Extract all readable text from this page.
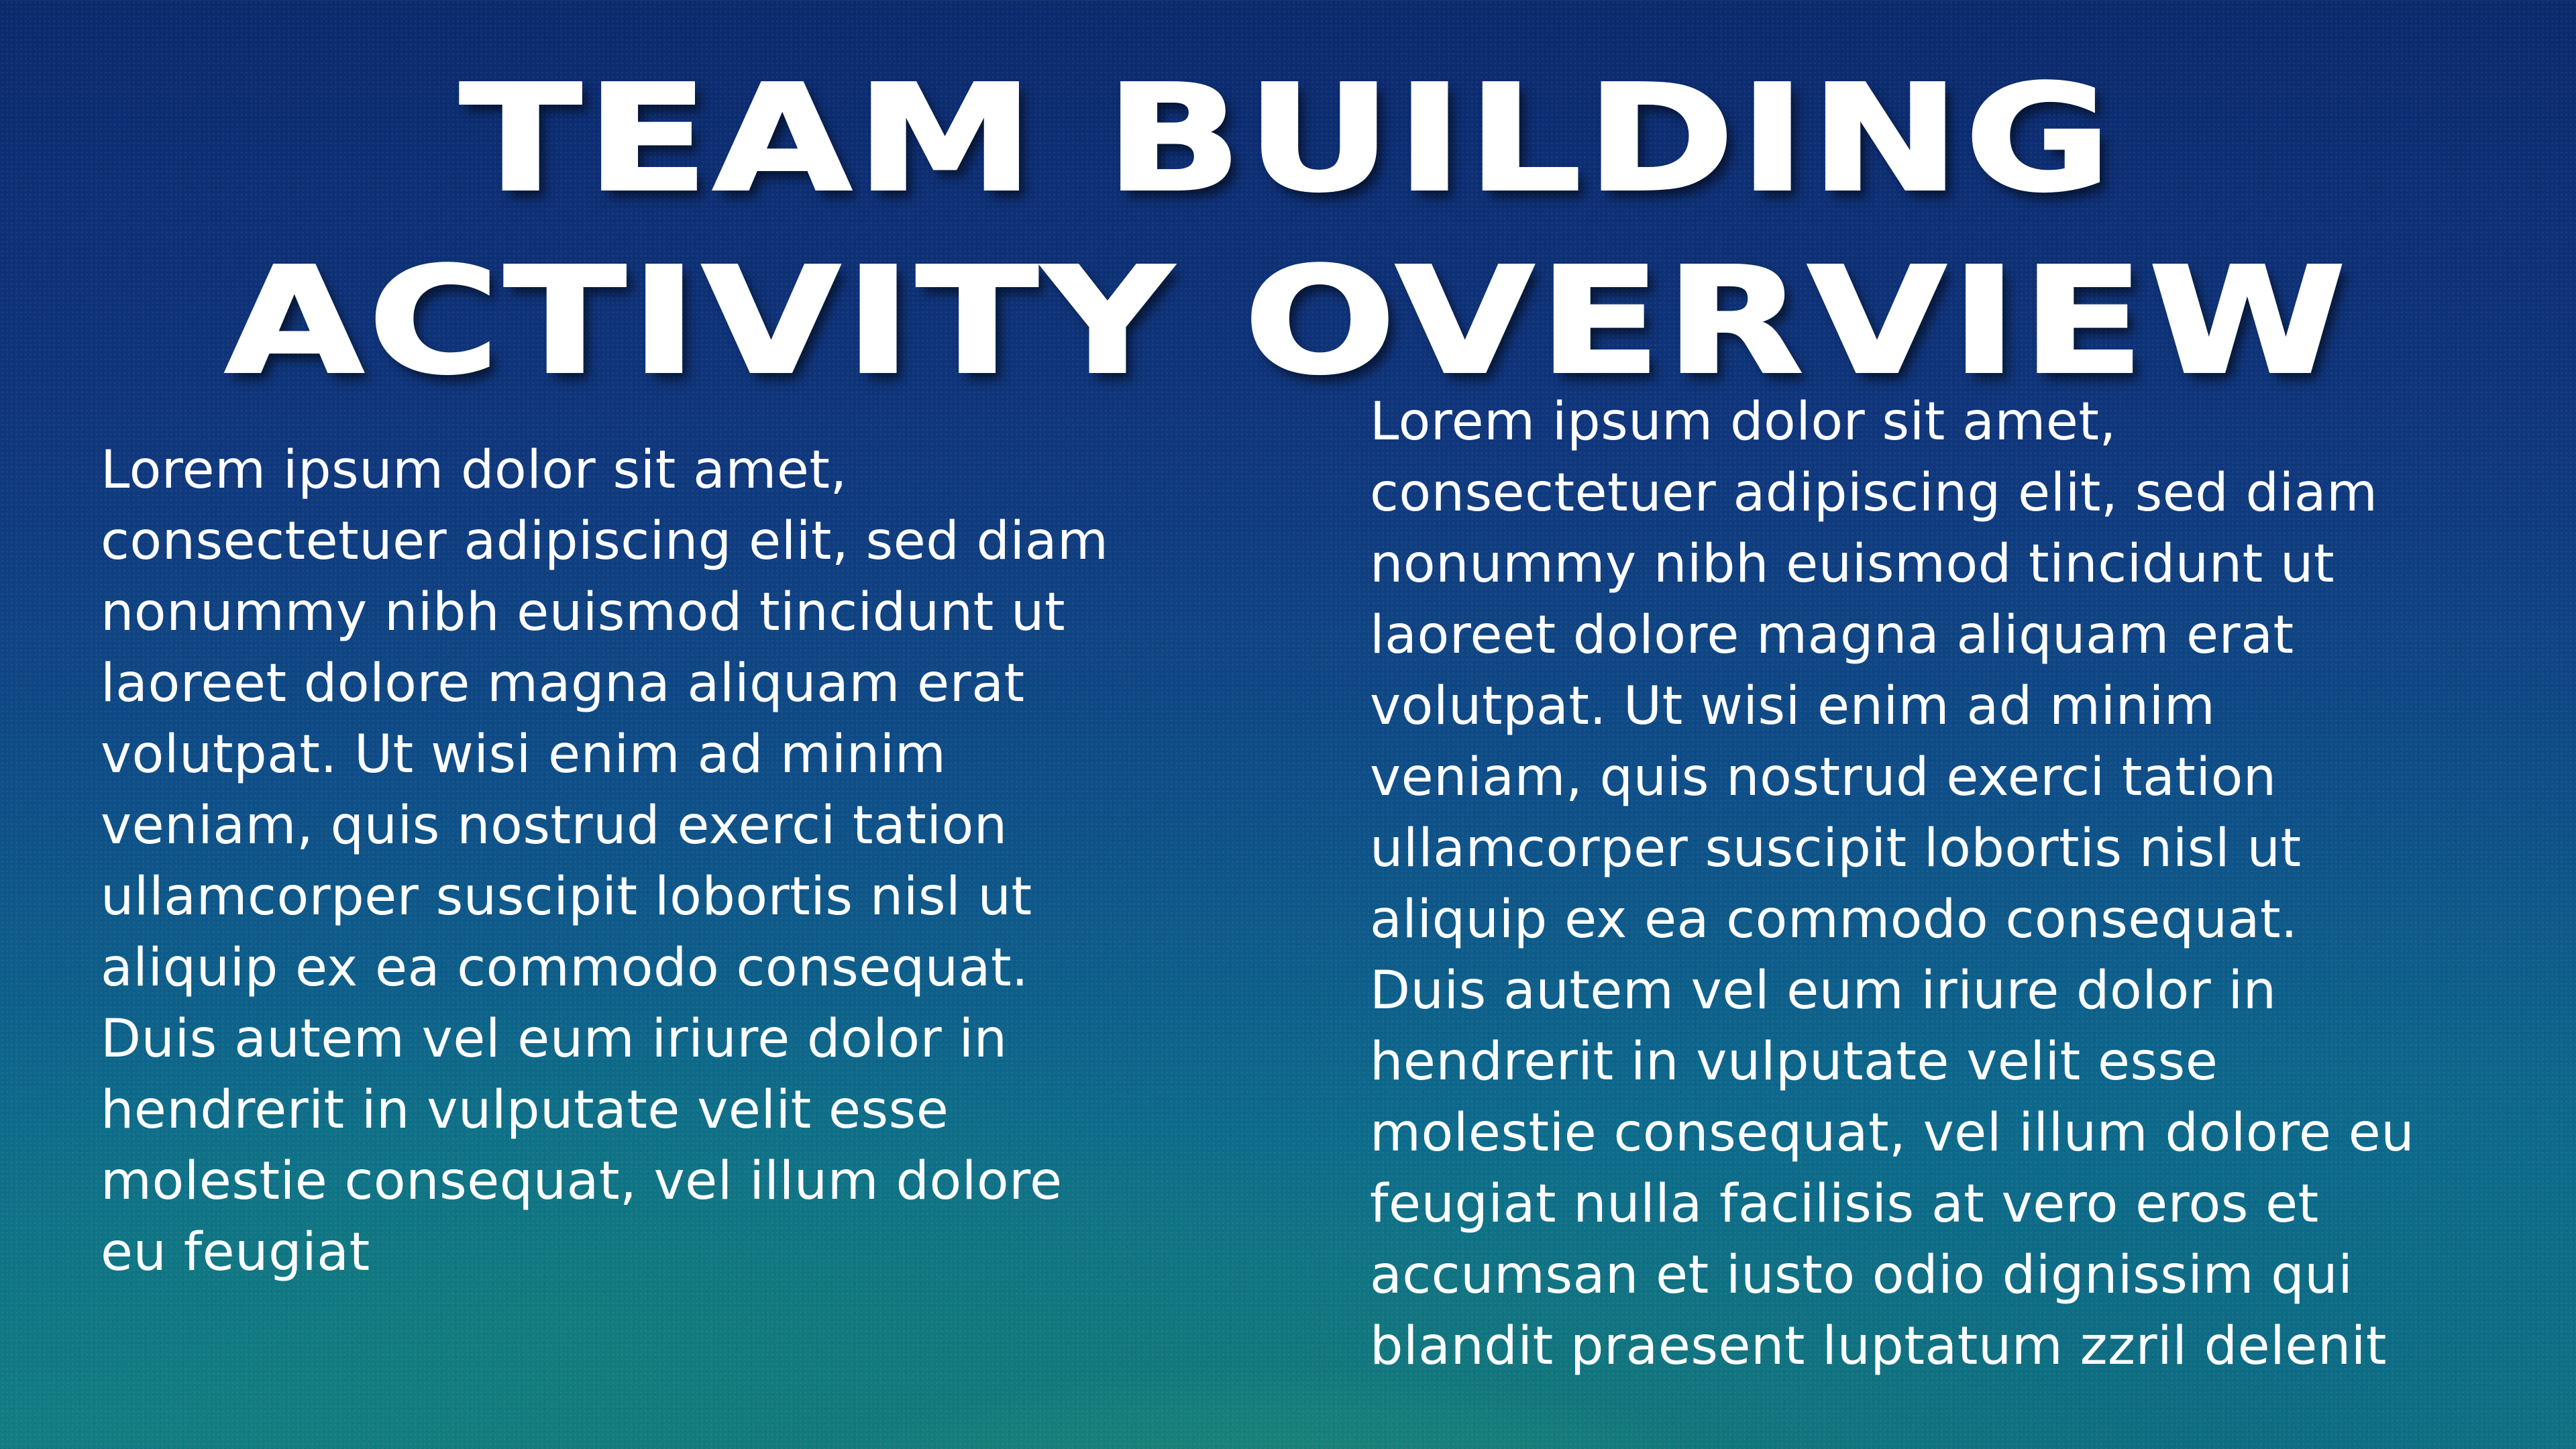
TEAM BUILDING
ACTIVITY OVERVIEW

Lorem ipsum dolor sit amet,
consectetuer adipiscing elit, sed diam
nonummy nibh euismod tincidunt ut
laoreet dolore magna aliquam erat
volutpat. Ut wisi enim ad minim
veniam, quis nostrud exerci tation
ullamcorper suscipit lobortis nisl ut
aliquip ex ea commodo consequat.
Duis autem vel eum iriure dolor in
hendrerit in vulputate velit esse
molestie consequat, vel illum dolore
eu feugiat

Lorem ipsum dolor sit amet,
consectetuer adipiscing elit, sed diam
nonummy nibh euismod tincidunt ut
laoreet dolore magna aliquam erat
volutpat. Ut wisi enim ad minim
veniam, quis nostrud exerci tation
ullamcorper suscipit lobortis nisl ut
aliquip ex ea commodo consequat.
Duis autem vel eum iriure dolor in
hendrerit in vulputate velit esse
molestie consequat, vel illum dolore eu
feugiat nulla facilisis at vero eros et
accumsan et iusto odio dignissim qui
blandit praesent luptatum zzril delenit
